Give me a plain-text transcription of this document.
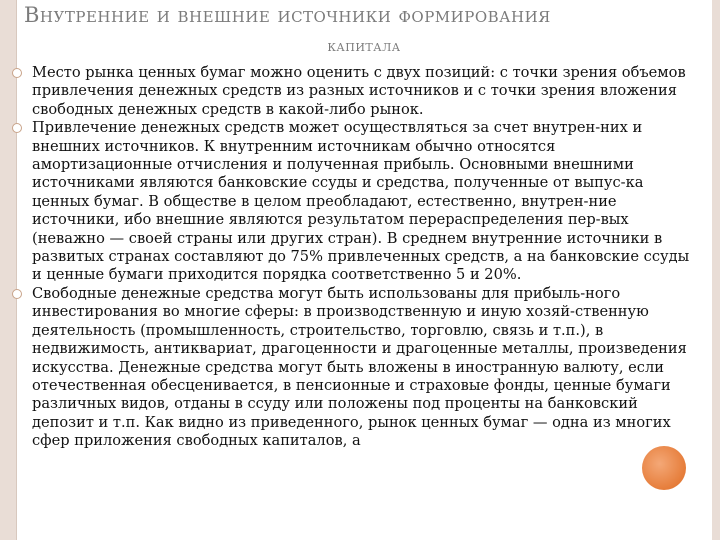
Внутренние и внешние источники формирования
капитала

Место рынка ценных бумаг можно оценить с двух позиций: с точки зрения объемов привлечения денежных средств из разных источников и с точки зрения вложения свободных денежных средств в какой-либо рынок.

Привлечение денежных средств может осуществляться за счет внутрен-них и внешних источников. К внутренним источникам обычно относятся амортизационные отчисления и полученная прибыль. Основными внешними источниками являются банковские ссуды и средства, полученные от выпус-ка ценных бумаг. В обществе в целом преобладают, естественно, внутрен-ние источники, ибо внешние являются результатом перераспределения пер-вых (неважно — своей страны или других стран). В среднем внутренние источники в развитых странах составляют до 75% привлеченных средств, а на банковские ссуды и ценные бумаги приходится порядка соответственно 5 и 20%.

Свободные денежные средства могут быть использованы для прибыль-ного инвестирования во многие сферы: в производственную и иную хозяй-ственную деятельность (промышленность, строительство, торговлю, связь и т.п.), в недвижимость, антиквариат, драгоценности и драгоценные металлы, произведения искусства. Денежные средства могут быть вложены в иностранную валюту, если отечественная обесценивается, в пенсионные и страховые фонды, ценные бумаги различных видов, отданы в ссуду или положены под проценты на банковский депозит и т.п. Как видно из приведенного, рынок ценных бумаг — одна из многих сфер приложения свободных капиталов, а
